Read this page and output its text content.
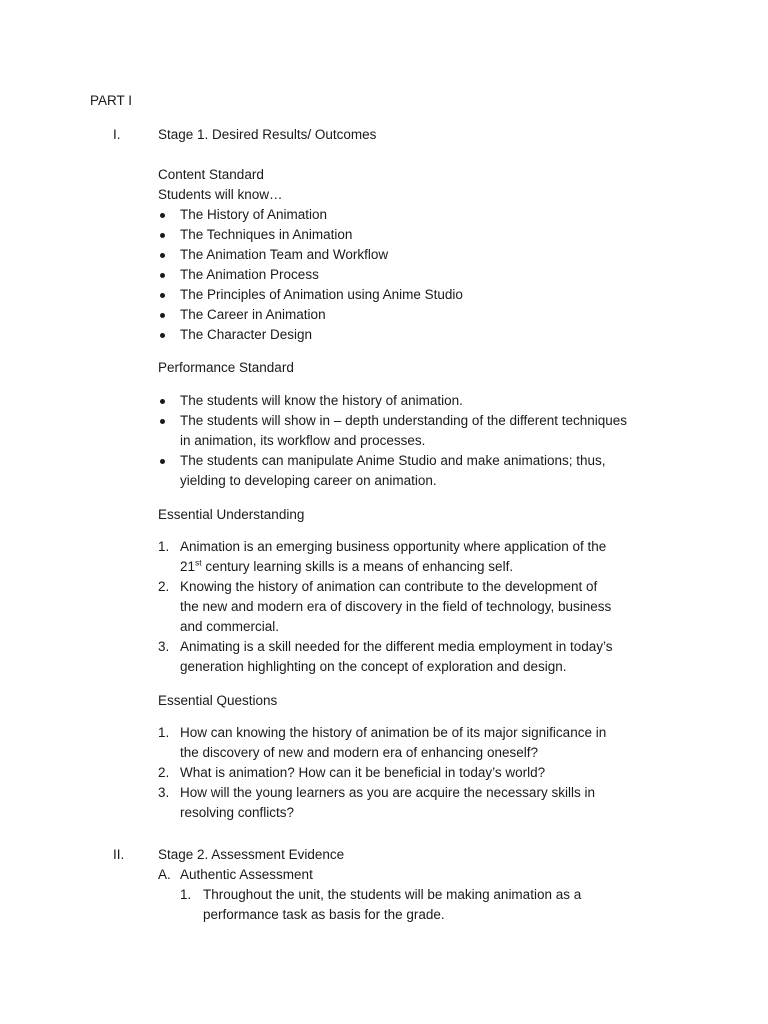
PART I
I.	Stage 1. Desired Results/ Outcomes
Content Standard
Students will know…
The History of Animation
The Techniques in Animation
The Animation Team and Workflow
The Animation Process
The Principles of Animation using Anime Studio
The Career in Animation
The Character Design
Performance Standard
The students will know the history of animation.
The students will show in – depth understanding of the different techniques
in animation, its workflow and processes.
The students can manipulate Anime Studio and make animations; thus,
yielding to developing career on animation.
Essential Understanding
1. Animation is an emerging business opportunity where application of the
21st century learning skills is a means of enhancing self.
2. Knowing the history of animation can contribute to the development of
the new and modern era of discovery in the field of technology, business
and commercial.
3. Animating is a skill needed for the different media employment in today’s
generation highlighting on the concept of exploration and design.
Essential Questions
1. How can knowing the history of animation be of its major significance in
the discovery of new and modern era of enhancing oneself?
2. What is animation? How can it be beneficial in today’s world?
3. How will the young learners as you are acquire the necessary skills in
resolving conflicts?
II. Stage 2. Assessment Evidence
A. Authentic Assessment
1. Throughout the unit, the students will be making animation as a
performance task as basis for the grade.
